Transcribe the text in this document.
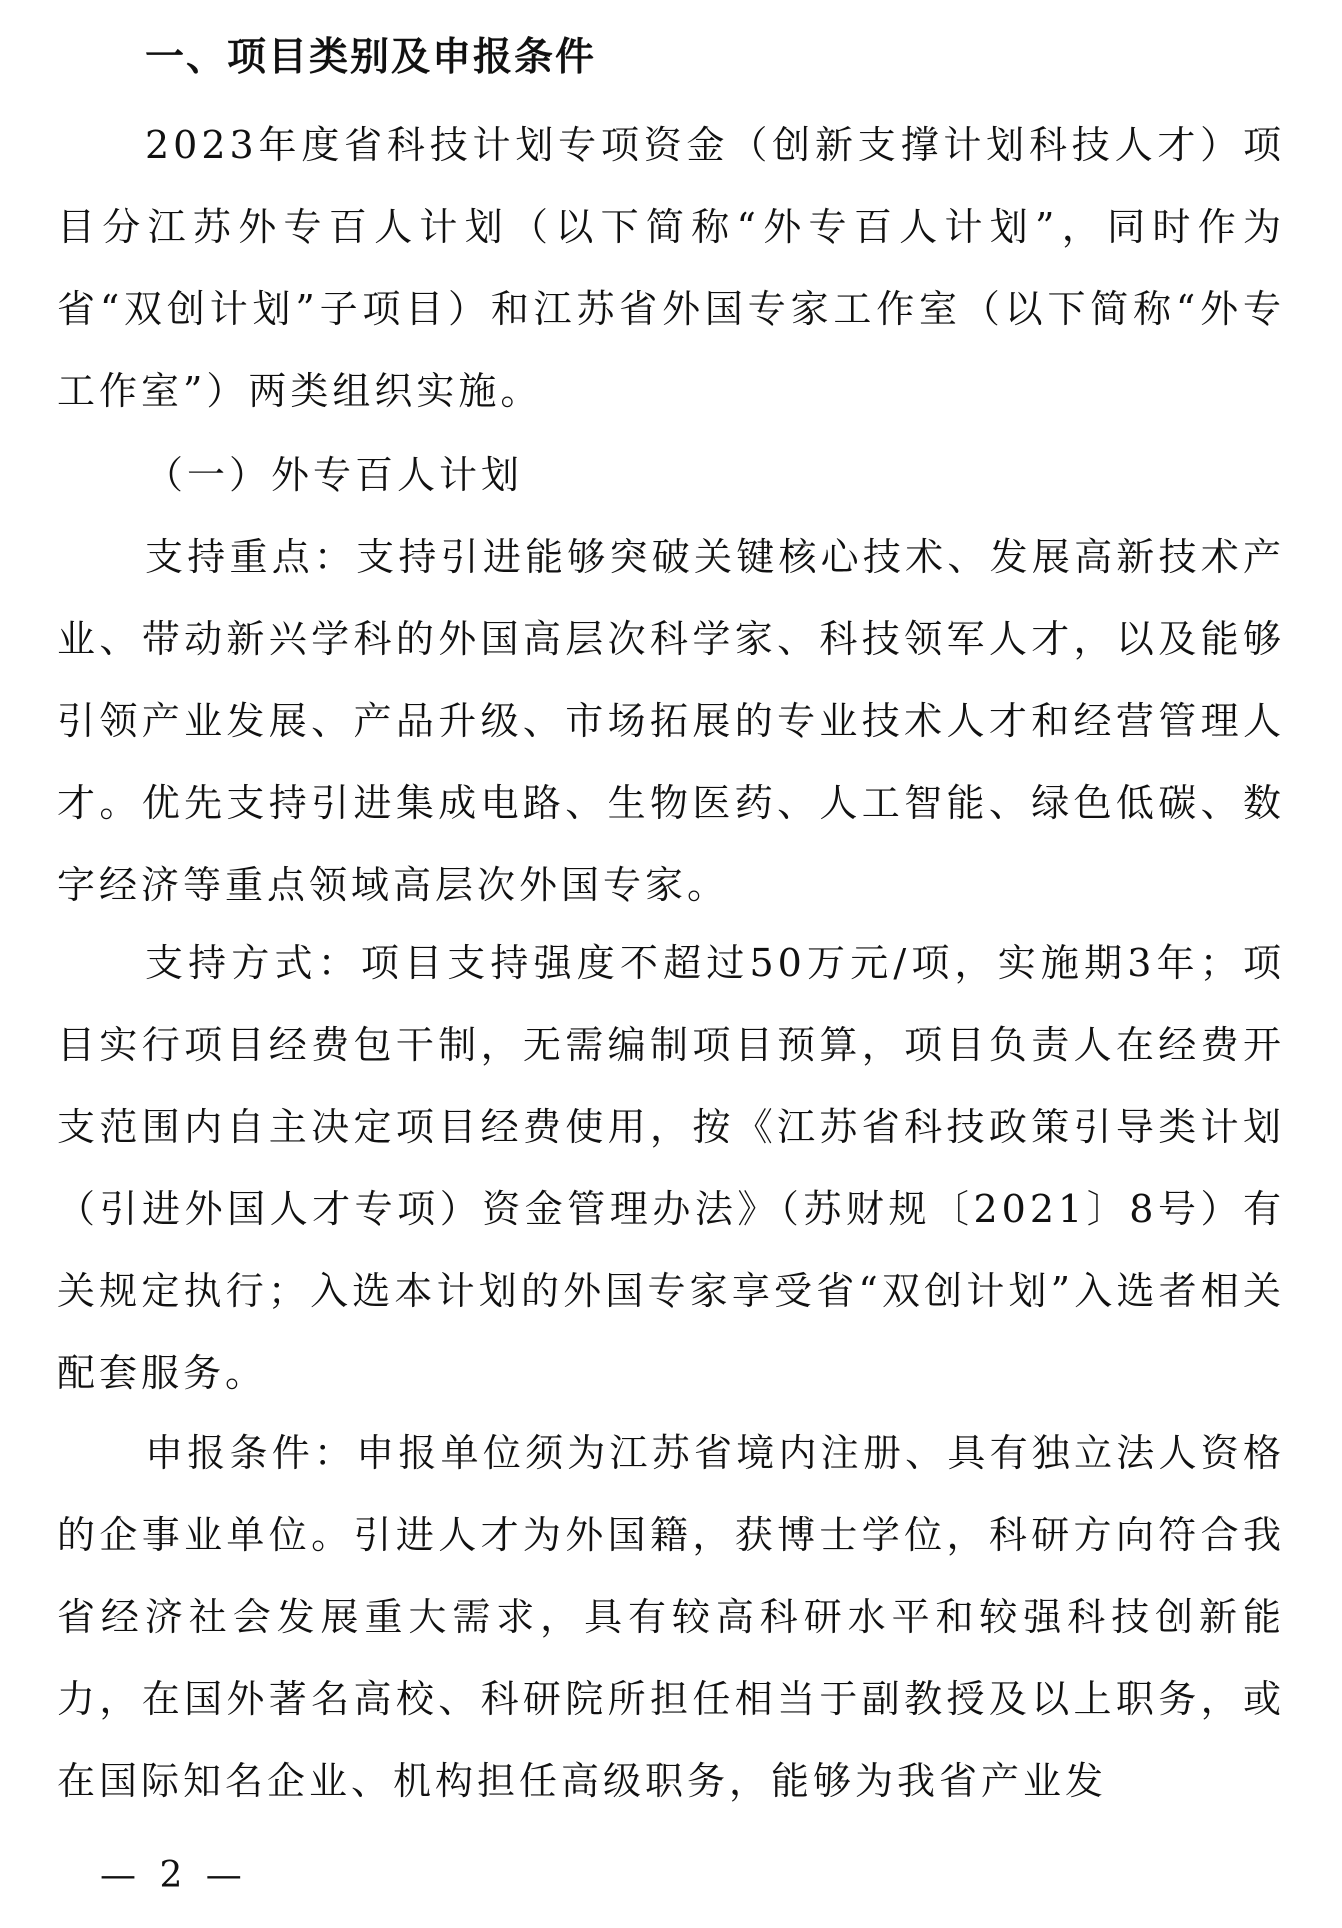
一、项目类别及申报条件

2023年度省科技计划专项资金（创新支撑计划科技人才）项目分江苏外专百人计划（以下简称“外专百人计划”，同时作为省“双创计划”子项目）和江苏省外国专家工作室（以下简称“外专工作室”）两类组织实施。

（一）外专百人计划

支持重点：支持引进能够突破关键核心技术、发展高新技术产业、带动新兴学科的外国高层次科学家、科技领军人才，以及能够引领产业发展、产品升级、市场拓展的专业技术人才和经营管理人才。优先支持引进集成电路、生物医药、人工智能、绿色低碳、数字经济等重点领域高层次外国专家。

支持方式：项目支持强度不超过50万元/项，实施期3年；项目实行项目经费包干制，无需编制项目预算，项目负责人在经费开支范围内自主决定项目经费使用，按《江苏省科技政策引导类计划（引进外国人才专项）资金管理办法》（苏财规〔2021〕8号）有关规定执行；入选本计划的外国专家享受省“双创计划”入选者相关配套服务。

申报条件：申报单位须为江苏省境内注册、具有独立法人资格的企事业单位。引进人才为外国籍，获博士学位，科研方向符合我省经济社会发展重大需求，具有较高科研水平和较强科技创新能力，在国外著名高校、科研院所担任相当于副教授及以上职务，或在国际知名企业、机构担任高级职务，能够为我省产业发

— 2 —
